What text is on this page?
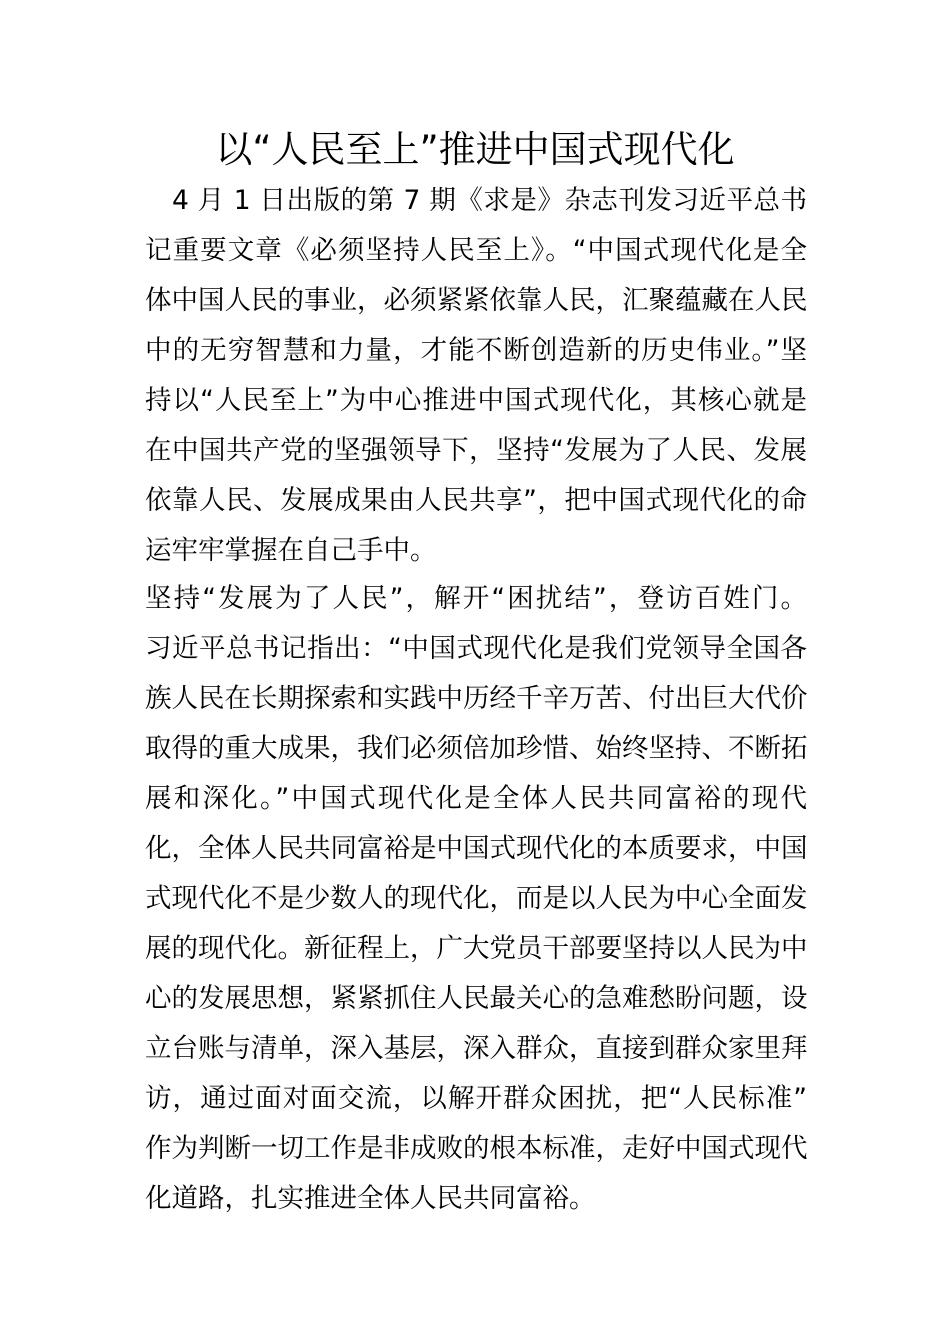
以“人民至上”推进中国式现代化
　4 月 1 日出版的第 7 期《求是》杂志刊发习近平总书
记重要文章《必须坚持人民至上》。“中国式现代化是全
体中国人民的事业，必须紧紧依靠人民，汇聚蕴藏在人民
中的无穷智慧和力量，才能不断创造新的历史伟业。”坚
持以“人民至上”为中心推进中国式现代化，其核心就是
在中国共产党的坚强领导下，坚持“发展为了人民、发展
依靠人民、发展成果由人民共享”，把中国式现代化的命
运牢牢掌握在自己手中。
坚持“发展为了人民”，解开“困扰结”，登访百姓门。
习近平总书记指出：“中国式现代化是我们党领导全国各
族人民在长期探索和实践中历经千辛万苦、付出巨大代价
取得的重大成果，我们必须倍加珍惜、始终坚持、不断拓
展和深化。”中国式现代化是全体人民共同富裕的现代
化，全体人民共同富裕是中国式现代化的本质要求，中国
式现代化不是少数人的现代化，而是以人民为中心全面发
展的现代化。新征程上，广大党员干部要坚持以人民为中
心的发展思想，紧紧抓住人民最关心的急难愁盼问题，设
立台账与清单，深入基层，深入群众，直接到群众家里拜
访，通过面对面交流，以解开群众困扰，把“人民标准”
作为判断一切工作是非成败的根本标准，走好中国式现代
化道路，扎实推进全体人民共同富裕。
